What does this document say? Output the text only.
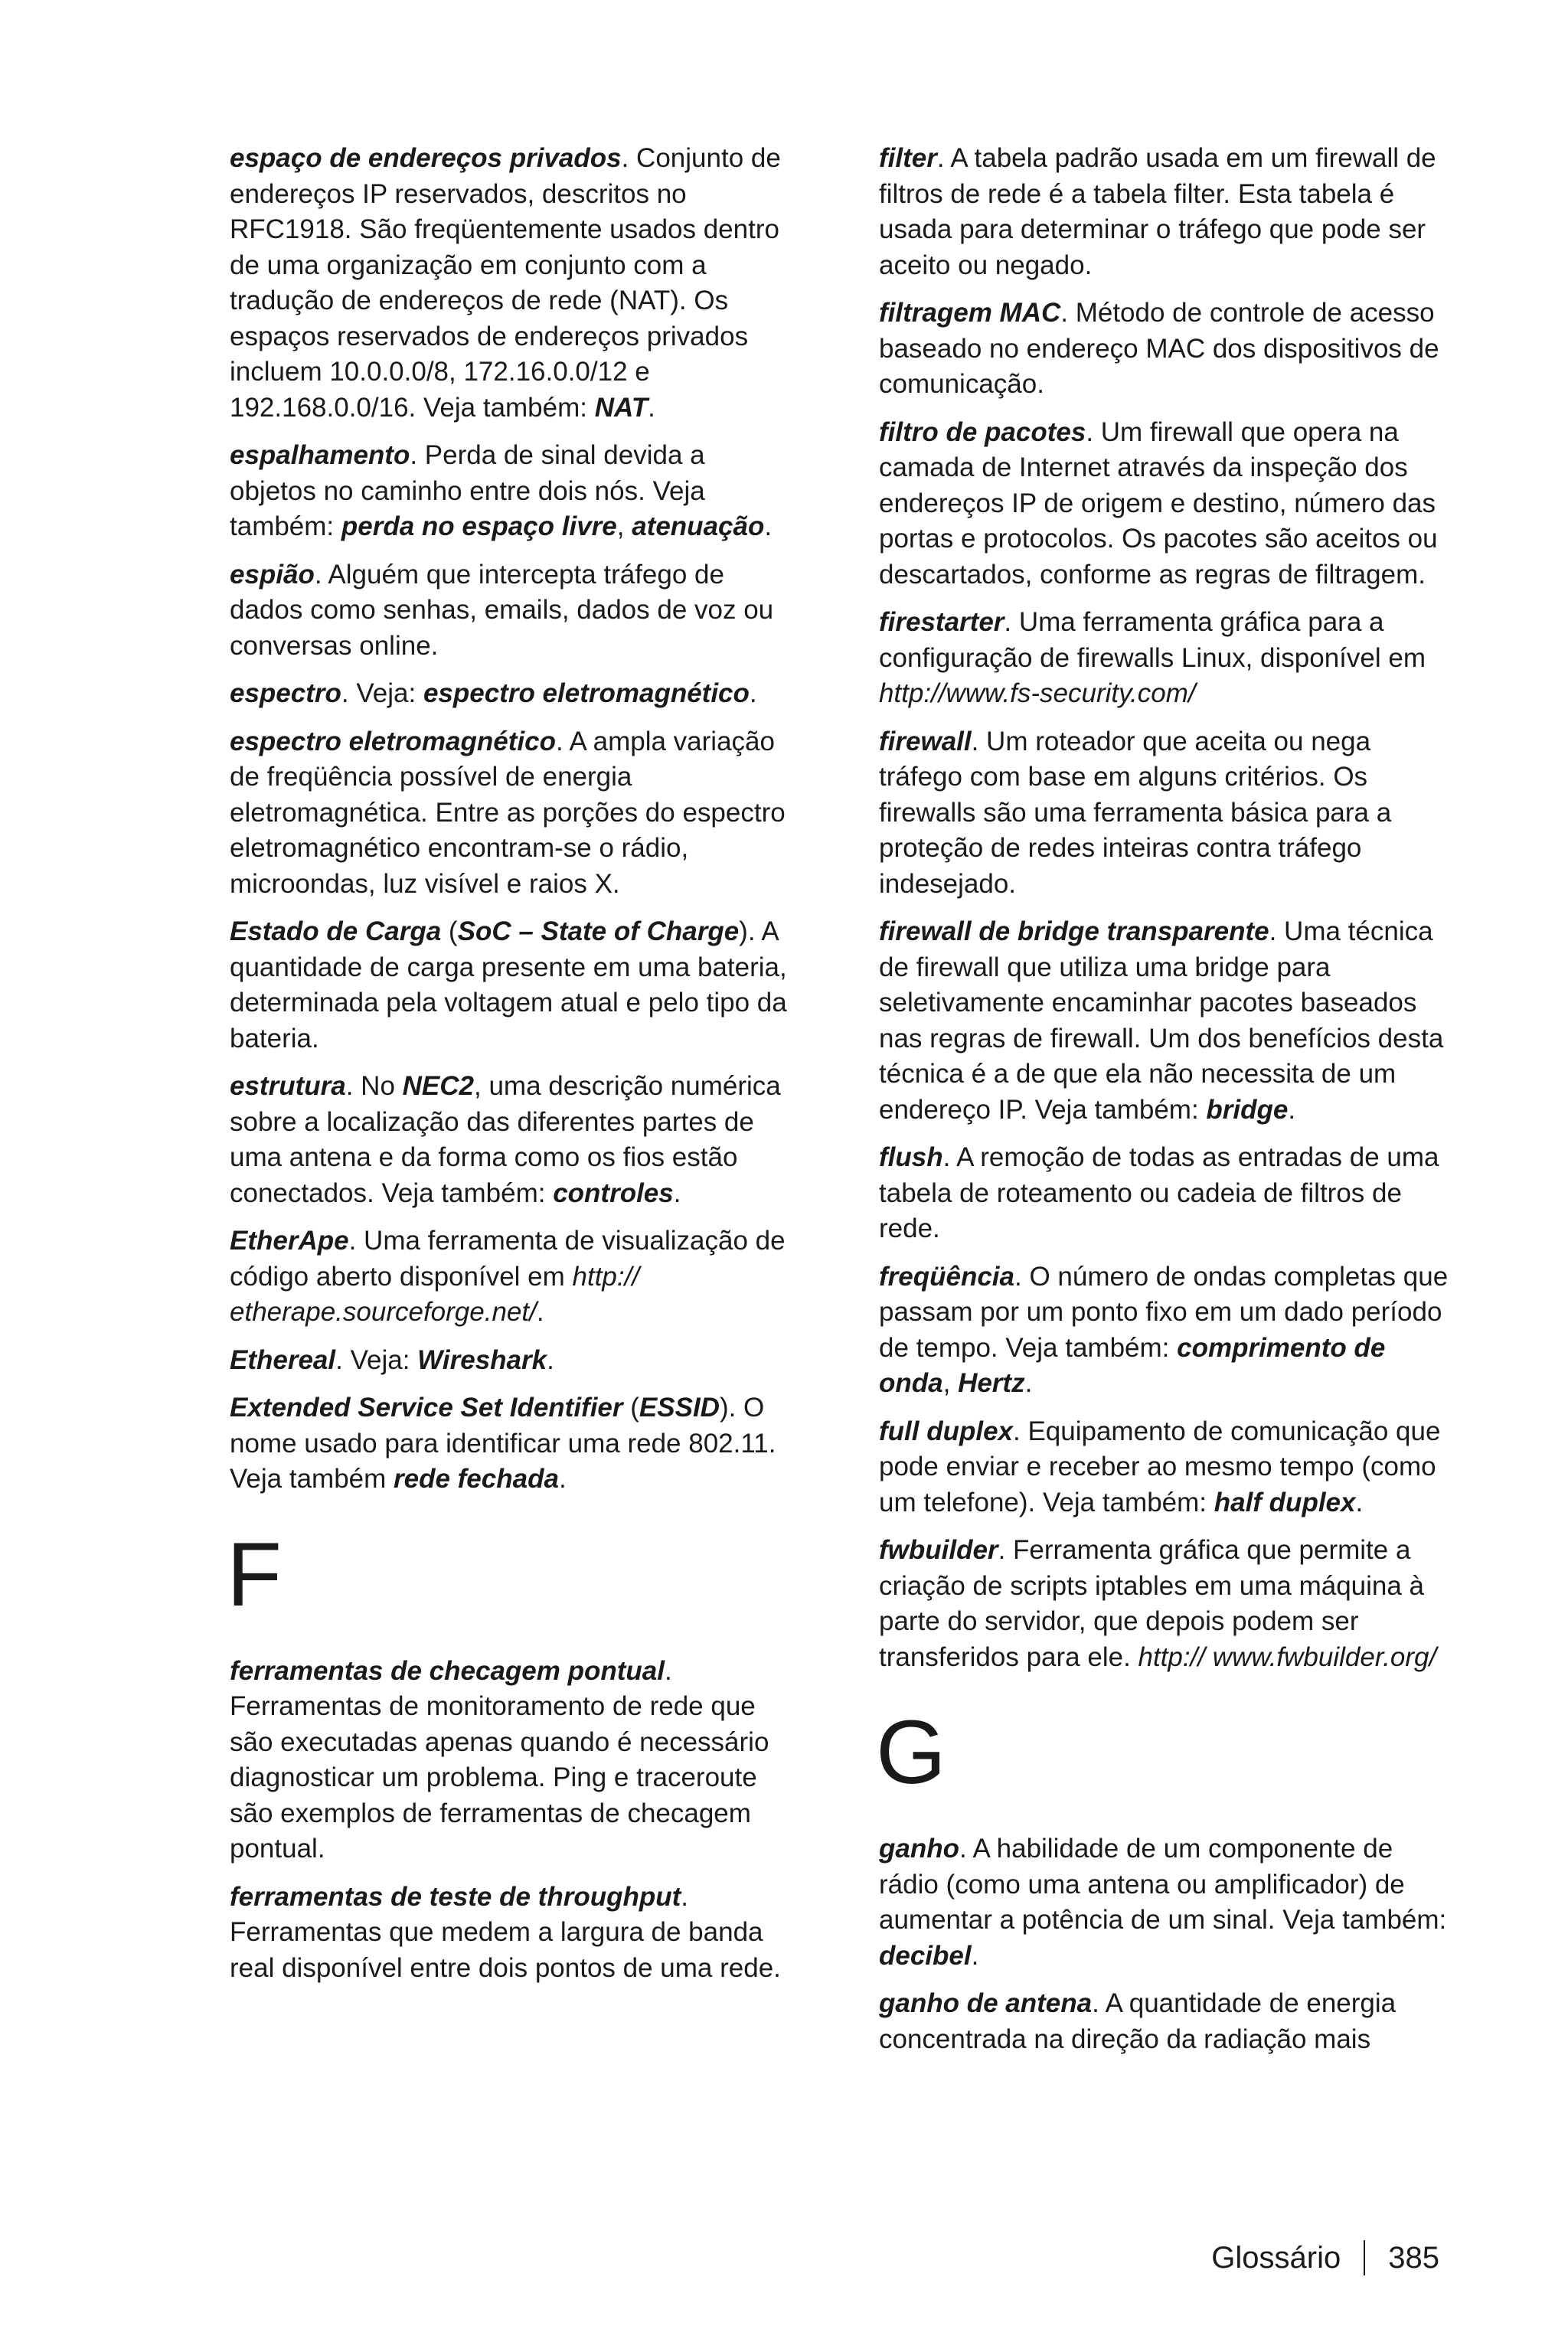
espaço de endereços privados. Conjunto de endereços IP reservados, descritos no RFC1918. São freqüentemente usados dentro de uma organização em conjunto com a tradução de endereços de rede (NAT). Os espaços reservados de endereços privados incluem 10.0.0.0/8, 172.16.0.0/12 e 192.168.0.0/16. Veja também: NAT.

espalhamento. Perda de sinal devida a objetos no caminho entre dois nós. Veja também: perda no espaço livre, atenuação.

espião. Alguém que intercepta tráfego de dados como senhas, emails, dados de voz ou conversas online.

espectro. Veja: espectro eletromagnético.

espectro eletromagnético. A ampla variação de freqüência possível de energia eletromagnética. Entre as porções do espectro eletromagnético encontram-se o rádio, microondas, luz visível e raios X.

Estado de Carga (SoC – State of Charge). A quantidade de carga presente em uma bateria, determinada pela voltagem atual e pelo tipo da bateria.

estrutura. No NEC2, uma descrição numérica sobre a localização das diferentes partes de uma antena e da forma como os fios estão conectados. Veja também: controles.

EtherApe. Uma ferramenta de visualização de código aberto disponível em http:// etherape.sourceforge.net/.

Ethereal. Veja: Wireshark.

Extended Service Set Identifier (ESSID). O nome usado para identificar uma rede 802.11. Veja também rede fechada.

F

ferramentas de checagem pontual. Ferramentas de monitoramento de rede que são executadas apenas quando é necessário diagnosticar um problema. Ping e traceroute são exemplos de ferramentas de checagem pontual.

ferramentas de teste de throughput. Ferramentas que medem a largura de banda real disponível entre dois pontos de uma rede.

filter. A tabela padrão usada em um firewall de filtros de rede é a tabela filter. Esta tabela é usada para determinar o tráfego que pode ser aceito ou negado.

filtragem MAC. Método de controle de acesso baseado no endereço MAC dos dispositivos de comunicação.

filtro de pacotes. Um firewall que opera na camada de Internet através da inspeção dos endereços IP de origem e destino, número das portas e protocolos. Os pacotes são aceitos ou descartados, conforme as regras de filtragem.

firestarter. Uma ferramenta gráfica para a configuração de firewalls Linux, disponível em http://www.fs-security.com/

firewall. Um roteador que aceita ou nega tráfego com base em alguns critérios. Os firewalls são uma ferramenta básica para a proteção de redes inteiras contra tráfego indesejado.

firewall de bridge transparente. Uma técnica de firewall que utiliza uma bridge para seletivamente encaminhar pacotes baseados nas regras de firewall. Um dos benefícios desta técnica é a de que ela não necessita de um endereço IP. Veja também: bridge.

flush. A remoção de todas as entradas de uma tabela de roteamento ou cadeia de filtros de rede.

freqüência. O número de ondas completas que passam por um ponto fixo em um dado período de tempo. Veja também: comprimento de onda, Hertz.

full duplex. Equipamento de comunicação que pode enviar e receber ao mesmo tempo (como um telefone). Veja também: half duplex.

fwbuilder. Ferramenta gráfica que permite a criação de scripts iptables em uma máquina à parte do servidor, que depois podem ser transferidos para ele. http:// www.fwbuilder.org/

G

ganho. A habilidade de um componente de rádio (como uma antena ou amplificador) de aumentar a potência de um sinal. Veja também: decibel.

ganho de antena. A quantidade de energia concentrada na direção da radiação mais

Glossário 385
